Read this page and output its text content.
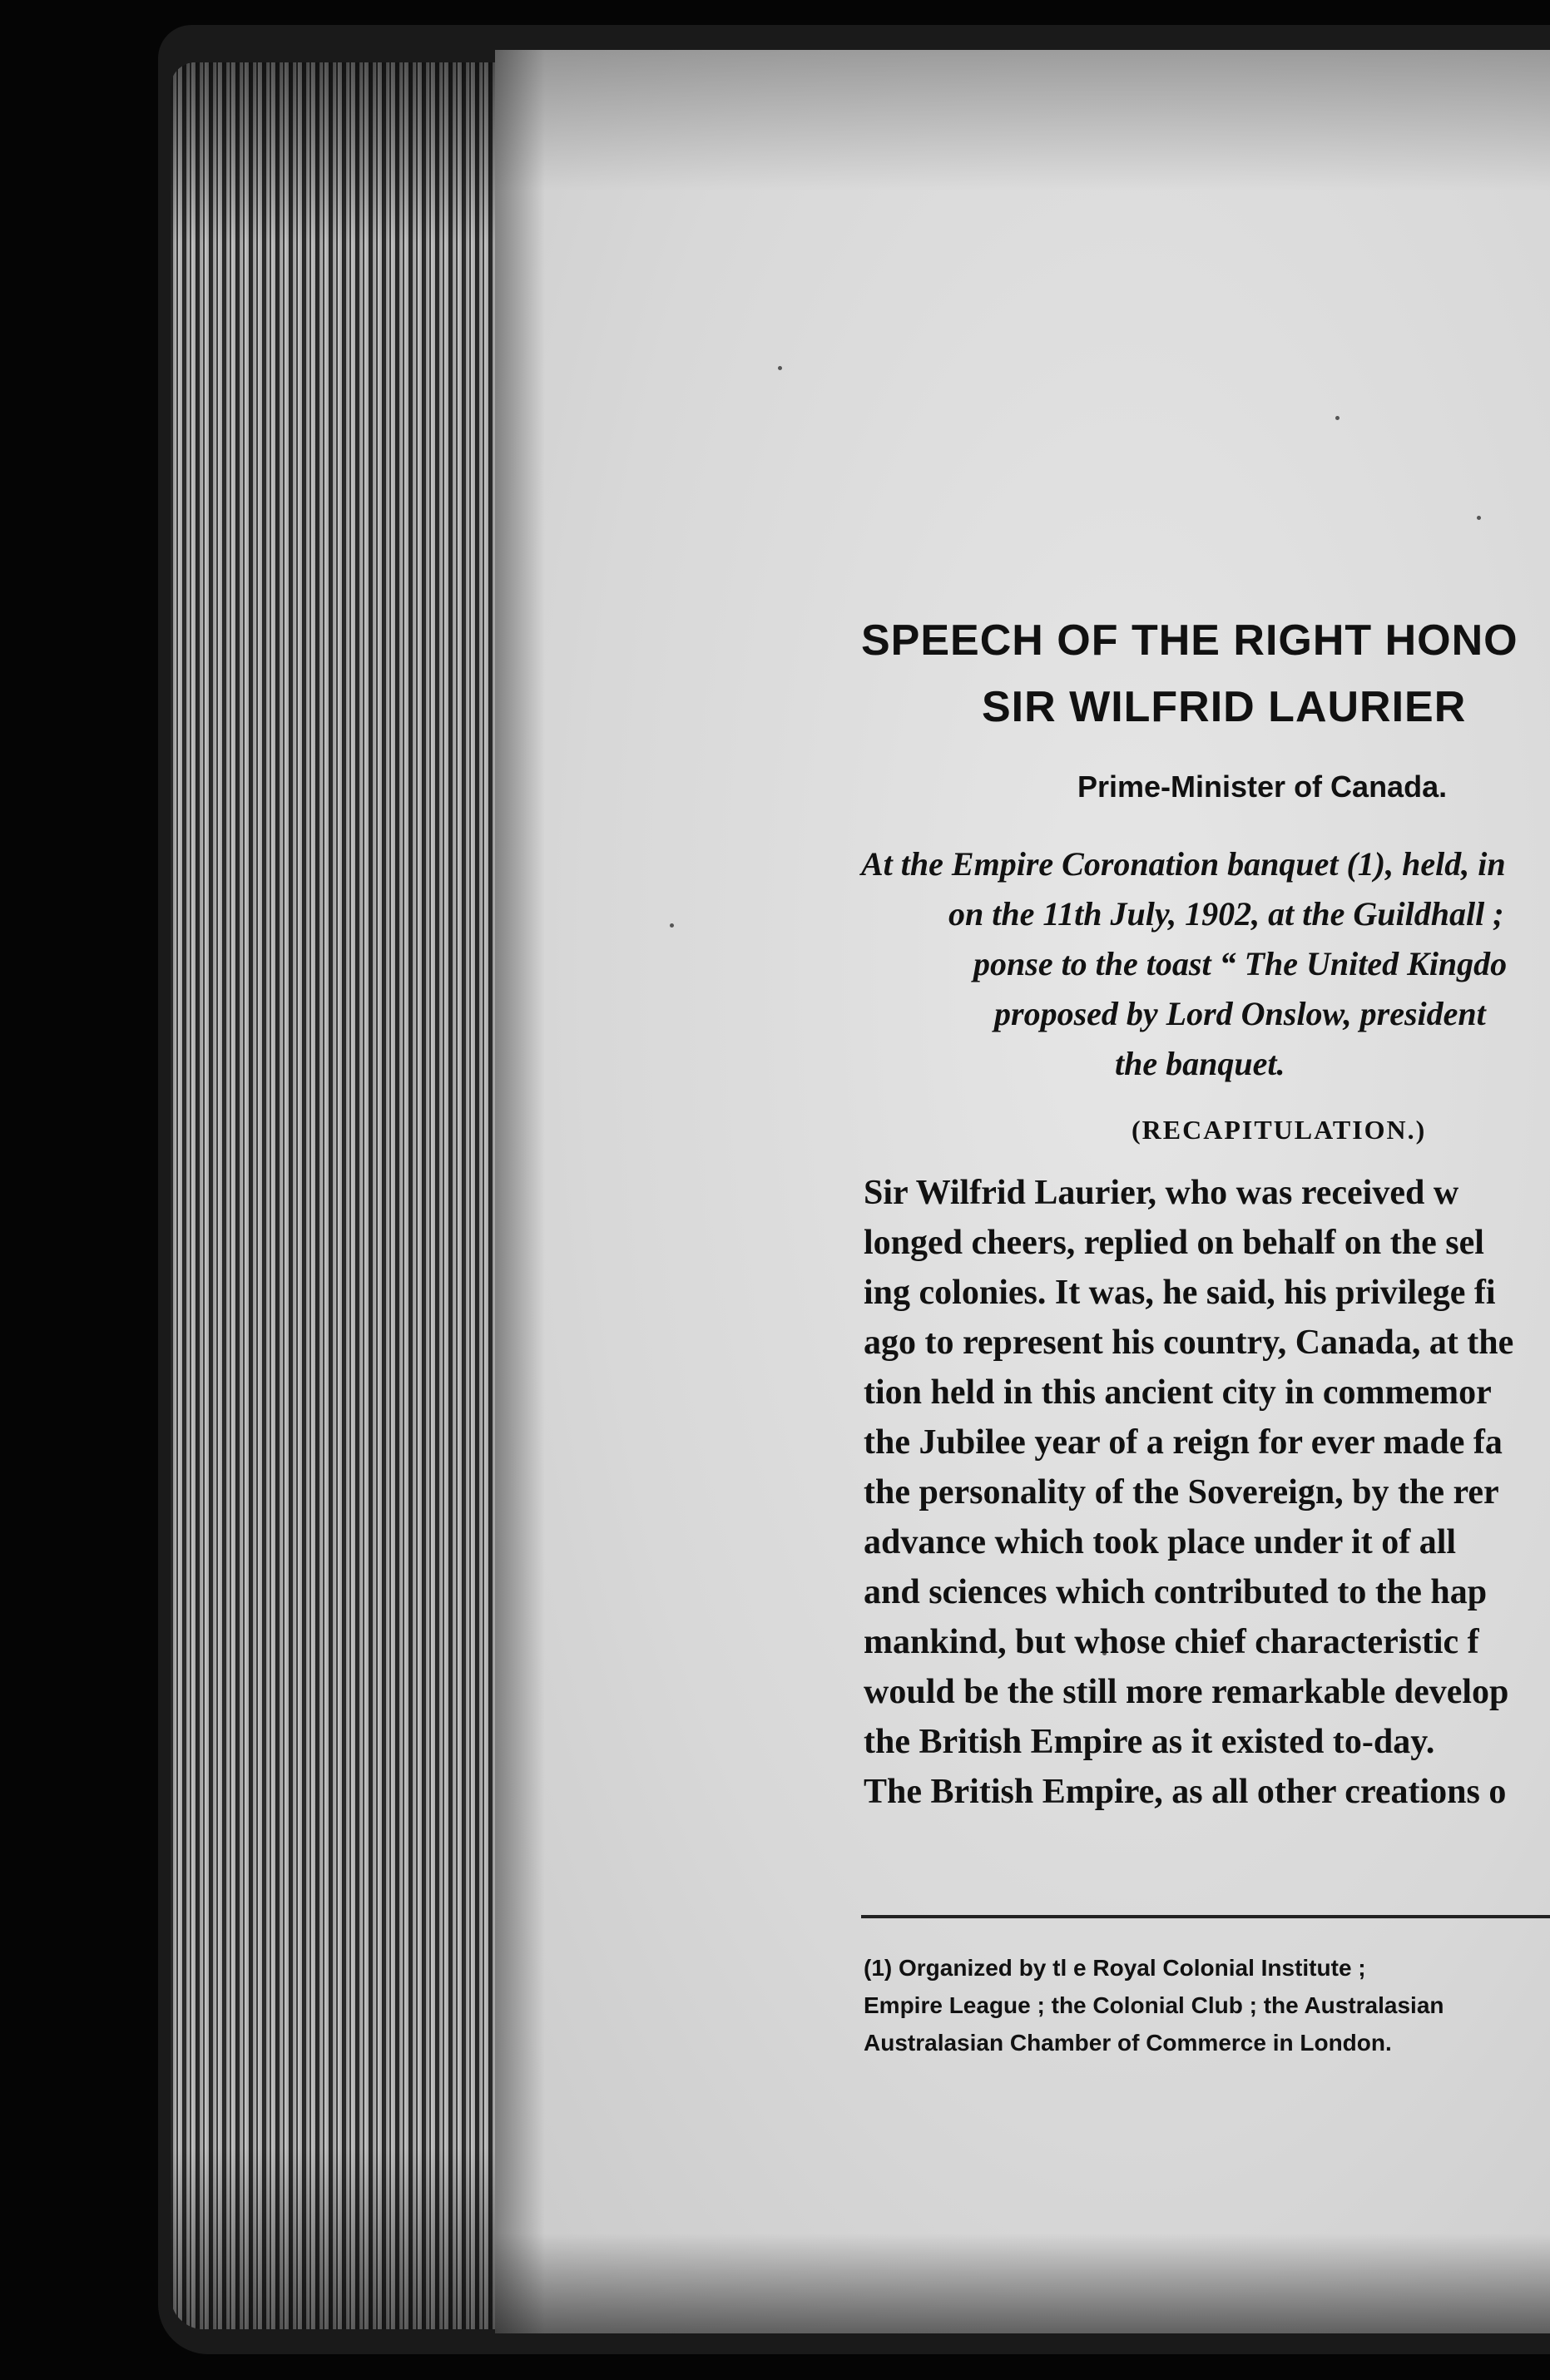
SPEECH OF THE RIGHT HONO
SIR WILFRID LAURIER
Prime-Minister of Canada.
At the Empire Coronation banquet (1), held, in
on the 11th July, 1902, at the Guildhall ;
ponse to the toast “ The United Kingdo
proposed by Lord Onslow, president
the banquet.
(RECAPITULATION.)
Sir Wilfrid Laurier, who was received w
longed cheers, replied on behalf on the sel
ing colonies. It was, he said, his privilege fi
ago to represent his country, Canada, at the
tion held in this ancient city in commemor
the Jubilee year of a reign for ever made fa
the personality of the Sovereign, by the rer
advance which took place under it of all
and sciences which contributed to the hap
mankind, but whose chief characteristic f
would be the still more remarkable develop
the British Empire as it existed to-day.
The British Empire, as all other creations o
(1) Organized by tl e Royal Colonial Institute ;
Empire League ; the Colonial Club ; the Australasian
Australasian Chamber of Commerce in London.
